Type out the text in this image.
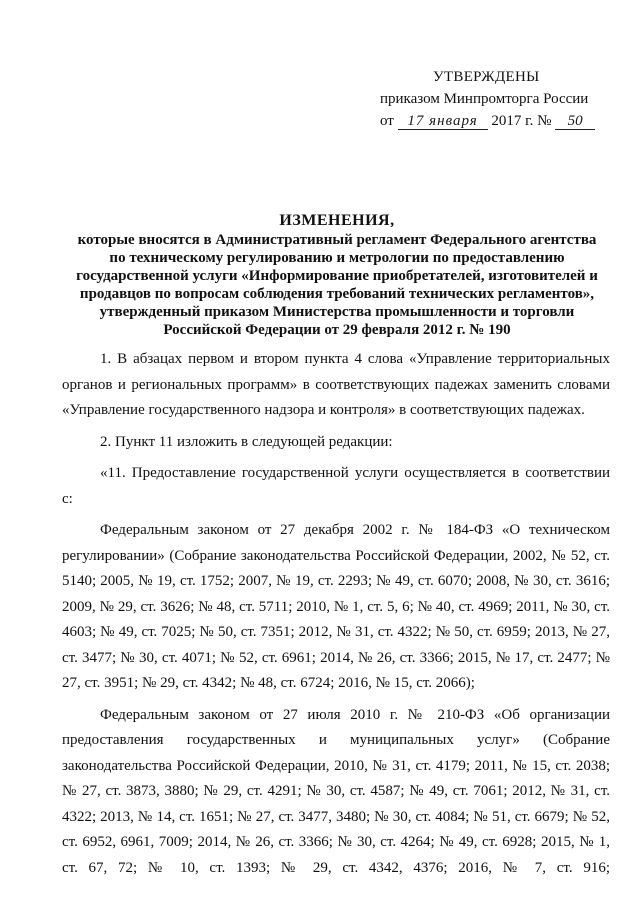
УТВЕРЖДЕНЫ
приказом Минпромторга России
от 17 января 2017 г. № 50
ИЗМЕНЕНИЯ,
которые вносятся в Административный регламент Федерального агентства
по техническому регулированию и метрологии по предоставлению
государственной услуги «Информирование приобретателей, изготовителей и
продавцов по вопросам соблюдения требований технических регламентов»,
утвержденный приказом Министерства промышленности и торговли
Российской Федерации от 29 февраля 2012 г. № 190

1. В абзацах первом и втором пункта 4 слова «Управление территориальных органов и региональных программ» в соответствующих падежах заменить словами «Управление государственного надзора и контроля» в соответствующих падежах.

2. Пункт 11 изложить в следующей редакции:

«11. Предоставление государственной услуги осуществляется в соответствии с:

Федеральным законом от 27 декабря 2002 г. № 184-ФЗ «О техническом регулировании» (Собрание законодательства Российской Федерации, 2002, № 52, ст. 5140; 2005, № 19, ст. 1752; 2007, № 19, ст. 2293; № 49, ст. 6070; 2008, № 30, ст. 3616; 2009, № 29, ст. 3626; № 48, ст. 5711; 2010, № 1, ст. 5, 6; № 40, ст. 4969; 2011, № 30, ст. 4603; № 49, ст. 7025; № 50, ст. 7351; 2012, № 31, ст. 4322; № 50, ст. 6959; 2013, № 27, ст. 3477; № 30, ст. 4071; № 52, ст. 6961; 2014, № 26, ст. 3366; 2015, № 17, ст. 2477; № 27, ст. 3951; № 29, ст. 4342; № 48, ст. 6724; 2016, № 15, ст. 2066);

Федеральным законом от 27 июля 2010 г. № 210-ФЗ «Об организации предоставления государственных и муниципальных услуг» (Собрание законодательства Российской Федерации, 2010, № 31, ст. 4179; 2011, № 15, ст. 2038; № 27, ст. 3873, 3880; № 29, ст. 4291; № 30, ст. 4587; № 49, ст. 7061; 2012, № 31, ст. 4322; 2013, № 14, ст. 1651; № 27, ст. 3477, 3480; № 30, ст. 4084; № 51, ст. 6679; № 52, ст. 6952, 6961, 7009; 2014, № 26, ст. 3366; № 30, ст. 4264; № 49, ст. 6928; 2015, № 1, ст. 67, 72; № 10, ст. 1393; № 29, ст. 4342, 4376; 2016, № 7, ст. 916;
